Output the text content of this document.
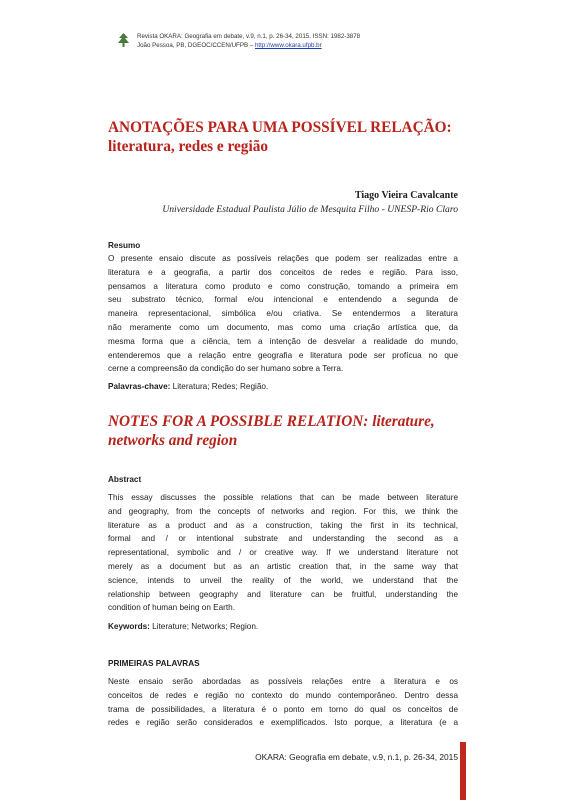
Revista OKARA: Geografia em debate, v.9, n.1, p. 26-34, 2015. ISSN: 1982-3878
João Pessoa, PB, DGEOC/CCEN/UFPB – http://www.okara.ufpb.br
ANOTAÇÕES PARA UMA POSSÍVEL RELAÇÃO:
literatura, redes e região
Tiago Vieira Cavalcante
Universidade Estadual Paulista Júlio de Mesquita Filho - UNESP-Rio Claro
Resumo
O presente ensaio discute as possíveis relações que podem ser realizadas entre a
literatura e a geografia, a partir dos conceitos de redes e região. Para isso,
pensamos a literatura como produto e como construção, tomando a primeira em
seu substrato técnico, formal e/ou intencional e entendendo a segunda de
maneira representacional, simbólica e/ou criativa. Se entendermos a literatura
não meramente como um documento, mas como uma criação artística que, da
mesma forma que a ciência, tem a intenção de desvelar a realidade do mundo,
entenderemos que a relação entre geografia e literatura pode ser profícua no que
cerne a compreensão da condição do ser humano sobre a Terra.
Palavras-chave: Literatura; Redes; Região.
NOTES FOR A POSSIBLE RELATION: literature,
networks and region
Abstract
This essay discusses the possible relations that can be made between literature
and geography, from the concepts of networks and region. For this, we think the
literature as a product and as a construction, taking the first in its technical,
formal and / or intentional substrate and understanding the second as a
representational, symbolic and / or creative way. If we understand literature not
merely as a document but as an artistic creation that, in the same way that
science, intends to unveil the reality of the world, we understand that the
relationship between geography and literature can be fruitful, understanding the
condition of human being on Earth.
Keywords: Literature; Networks; Region.
PRIMEIRAS PALAVRAS
Neste ensaio serão abordadas as possíveis relações entre a literatura e os
conceitos de redes e região no contexto do mundo contemporâneo. Dentro dessa
trama de possibilidades, a literatura é o ponto em torno do qual os conceitos de
redes e região serão considerados e exemplificados. Isto porque, a literatura (e a
OKARA: Geografia em debate, v.9, n.1, p. 26-34, 2015
